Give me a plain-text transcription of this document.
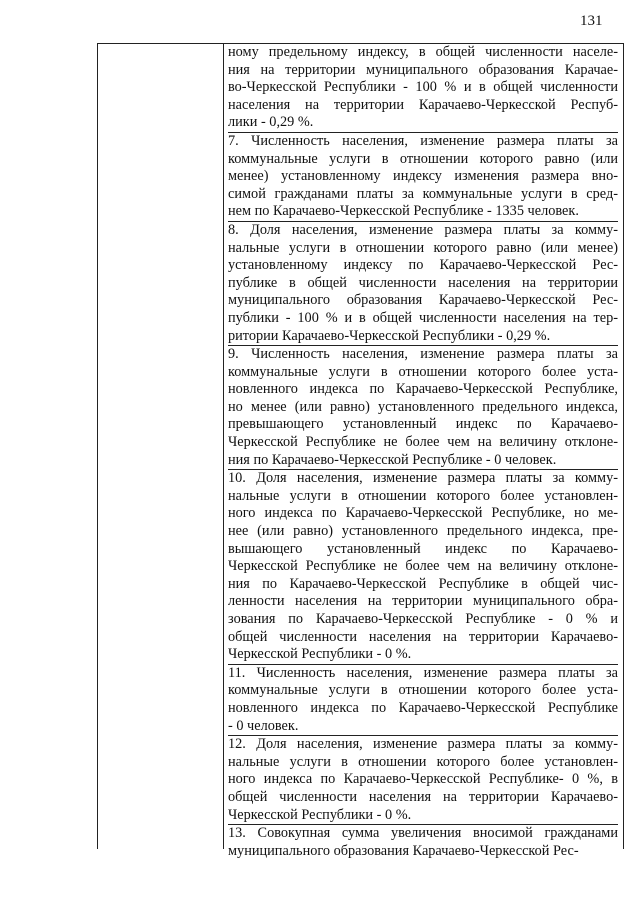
131
ному предельному индексу, в общей численности населе-
ния на территории муниципального образования Карачае-
во-Черкесской Республики - 100 % и в общей численности
населения на территории Карачаево-Черкесской Респуб-
лики - 0,29 %.
7. Численность населения, изменение размера платы за
коммунальные услуги в отношении которого равно (или
менее) установленному индексу изменения размера вно-
симой гражданами платы за коммунальные услуги в сред-
нем по Карачаево-Черкесской Республике - 1335 человек.
8. Доля населения, изменение размера платы за комму-
нальные услуги в отношении которого равно (или менее)
установленному индексу по Карачаево-Черкесской Рес-
публике в общей численности населения на территории
муниципального образования Карачаево-Черкесской Рес-
публики - 100 % и в общей численности населения на тер-
ритории Карачаево-Черкесской Республики - 0,29 %.
9. Численность населения, изменение размера платы за
коммунальные услуги в отношении которого более уста-
новленного индекса по Карачаево-Черкесской Республике,
но менее (или равно) установленного предельного индекса,
превышающего установленный индекс по Карачаево-
Черкесской Республике не более чем на величину отклоне-
ния по Карачаево-Черкесской Республике - 0 человек.
10. Доля населения, изменение размера платы за комму-
нальные услуги в отношении которого более установлен-
ного индекса по Карачаево-Черкесской Республике, но ме-
нее (или равно) установленного предельного индекса, пре-
вышающего установленный индекс по Карачаево-
Черкесской Республике не более чем на величину отклоне-
ния по Карачаево-Черкесской Республике в общей чис-
ленности населения на территории муниципального обра-
зования по Карачаево-Черкесской Республике - 0 % и
общей численности населения на территории Карачаево-
Черкесской Республики - 0 %.
11. Численность населения, изменение размера платы за
коммунальные услуги в отношении которого более уста-
новленного индекса по Карачаево-Черкесской Республике
- 0 человек.
12. Доля населения, изменение размера платы за комму-
нальные услуги в отношении которого более установлен-
ного индекса по Карачаево-Черкесской Республике- 0 %, в
общей численности населения на территории Карачаево-
Черкесской Республики - 0 %.
13. Совокупная сумма увеличения вносимой гражданами
муниципального образования Карачаево-Черкесской Рес-
